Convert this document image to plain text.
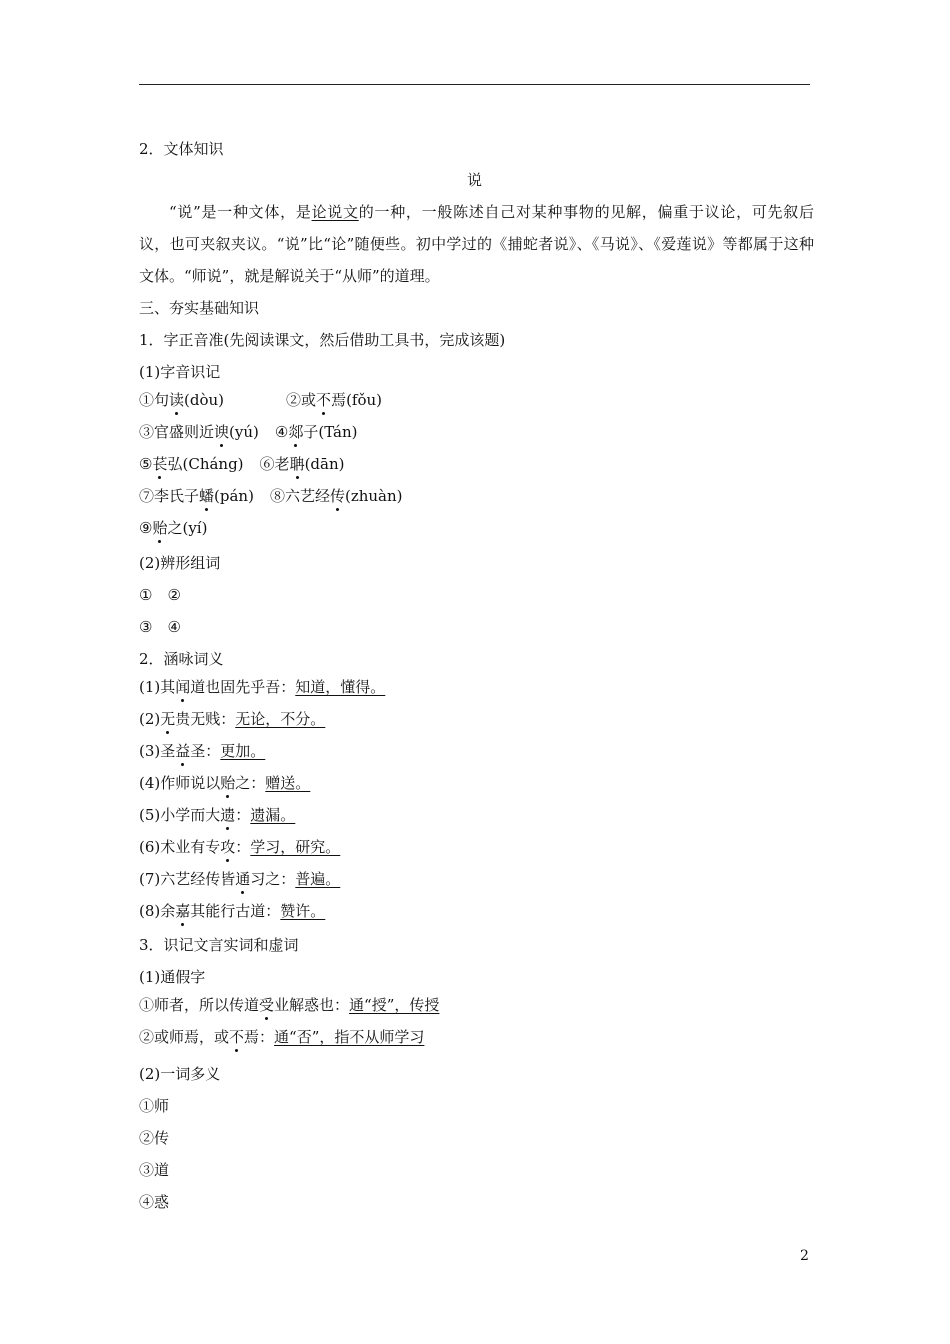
2．文体知识
说
“说”是一种文体，是论说文的一种，一般陈述自己对某种事物的见解，偏重于议论，可先叙后议，也可夹叙夹议。“说”比“论”随便些。初中学过的《捕蛇者说》、《马说》、《爱莲说》等都属于这种文体。“师说”，就是解说关于“从师”的道理。
三、夯实基础知识
1．字正音准(先阅读课文，然后借助工具书，完成该题)
(1)字音识记
①句读(dòu)	②或不焉(fǒu)
③官盛则近谀(yú) ④郯子(Tán)
⑤苌弘(Cháng) ⑥老聃(dān)
⑦李氏子蟠(pán) ⑧六艺经传(zhuàn)
⑨贻之(yí)
(2)辨形组词
①　②
③　④
2．涵咏词义
(1)其闻道也固先乎吾：知道，懂得。
(2)无贵无贱：无论，不分。
(3)圣益圣：更加。
(4)作师说以贻之：赠送。
(5)小学而大遗：遗漏。
(6)术业有专攻：学习，研究。
(7)六艺经传皆通习之：普遍。
(8)余嘉其能行古道：赞许。
3．识记文言实词和虚词
(1)通假字
①师者，所以传道受业解惑也：通“授”，传授
②或师焉，或不焉：通“否”，指不从师学习
(2)一词多义
①师
②传
③道
④惑
2
